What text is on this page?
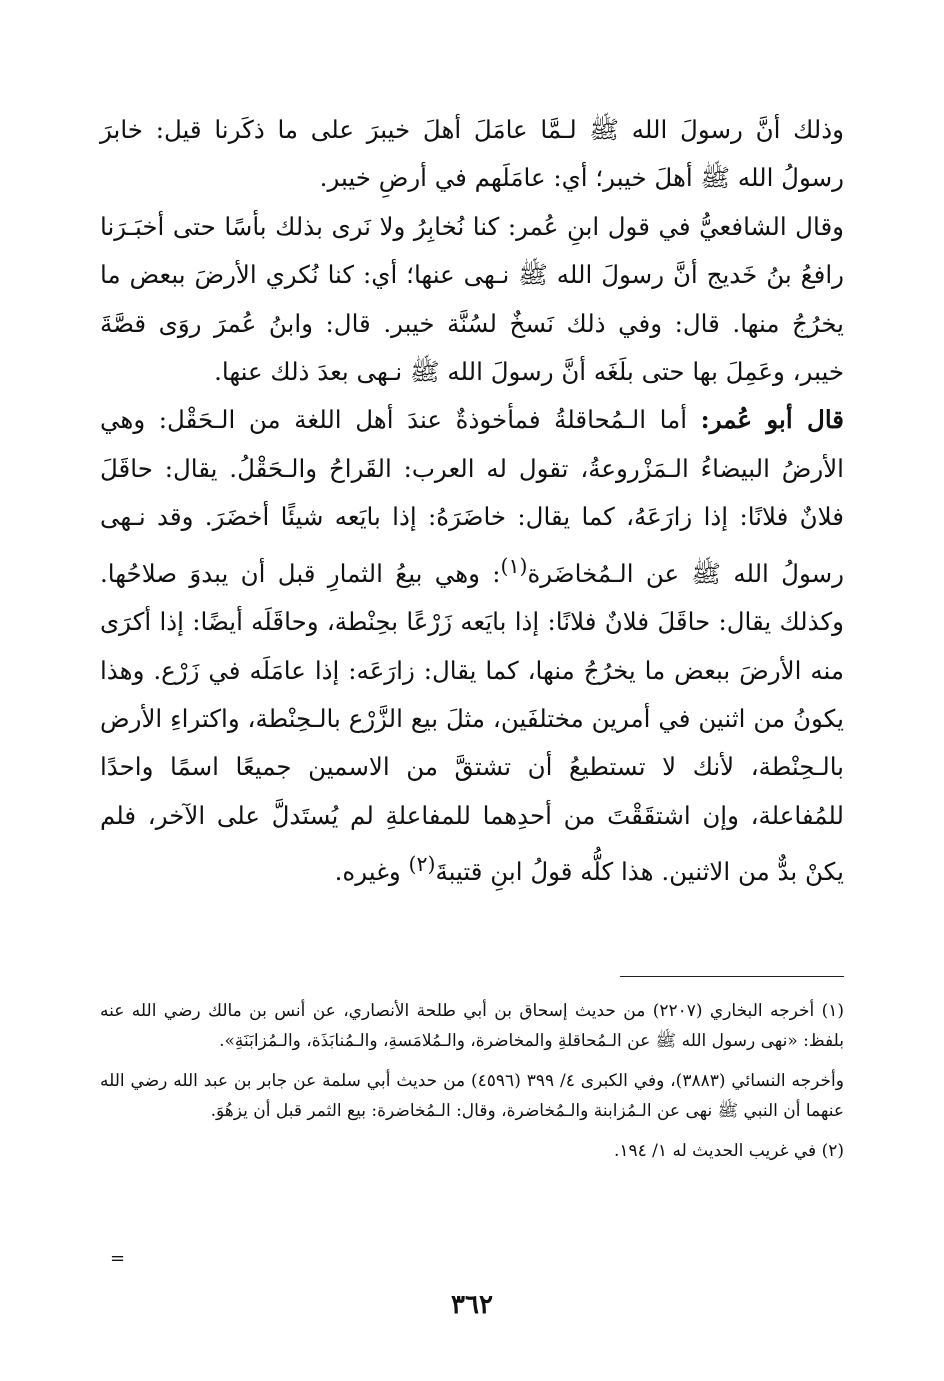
وذلك أنَّ رسولَ الله ﷺ لـمَّا عامَلَ أهلَ خيبرَ على ما ذكَرنا قيل: خابرَ رسولُ الله ﷺ أهلَ خيبر؛ أي: عامَلَهم في أرضِ خيبر.

وقال الشافعيُّ في قول ابنِ عُمر: كنا نُخابِرُ ولا نَرى بذلك بأسًا حتى أخبَـرَنا رافعُ بنُ خَديج أنَّ رسولَ الله ﷺ نـهى عنها؛ أي: كنا نُكري الأرضَ ببعض ما يخرُجُ منها. قال: وفي ذلك نَسخٌ لسُنَّة خيبر. قال: وابنُ عُمرَ روَى قصَّةَ خيبر، وعَمِلَ بها حتى بلَغَه أنَّ رسولَ الله ﷺ نـهى بعدَ ذلك عنها.

قال أبو عُمر: أما الـمُحاقلةُ فمأخوذةٌ عندَ أهل اللغة من الـحَقْل: وهي الأرضُ البيضاءُ الـمَزْروعةُ، تقول له العرب: القَراحُ والـحَقْلُ. يقال: حاقَلَ فلانٌ فلانًا: إذا زارَعَهُ، كما يقال: خاضَرَهُ: إذا بايَعه شيئًا أخضَرَ. وقد نـهى رسولُ الله ﷺ عن الـمُخاضَرة$^{(١)}$: وهي بيعُ الثمارِ قبل أن يبدوَ صلاحُها. وكذلك يقال: حاقَلَ فلانٌ فلانًا: إذا بايَعه زَرْعًا بحِنْطة، وحاقَلَه أيضًا: إذا أكرَى منه الأرضَ ببعض ما يخرُجُ منها، كما يقال: زارَعَه: إذا عامَلَه في زَرْع. وهذا يكونُ من اثنين في أمرين مختلفَين، مثلَ بيع الزَّرْع بالـحِنْطة، واكتراءِ الأرض بالـحِنْطة، لأنك لا تستطيعُ أن تشتقَّ من الاسمين جميعًا اسمًا واحدًا للمُفاعلة، وإن اشتقَقْتَ من أحدِهما للمفاعلةِ لم يُستَدلَّ على الآخر، فلم يكنْ بدٌّ من الاثنين. هذا كلُّه قولُ ابنِ قتيبةَ$^{(٢)}$ وغيره.

(١) أخرجه البخاري (٢٢٠٧) من حديث إسحاق بن أبي طلحة الأنصاري، عن أنس بن مالك رضي الله عنه بلفظ: «نهى رسول الله ﷺ عن الـمُحاقلةِ والمخاضرة، والـمُلامَسةِ، والـمُنابَذَة، والـمُزابَنَةِ».

وأخرجه النسائي (٣٨٨٣)، وفي الكبرى ٤/ ٣٩٩ (٤٥٩٦) من حديث أبي سلمة عن جابر بن عبد الله رضي الله عنهما أن النبي ﷺ نهى عن الـمُزابنة والـمُخاضرة، وقال: الـمُخاضرة: بيع الثمر قبل أن يزهُوَ.

(٢) في غريب الحديث له ١/ ١٩٤.

=
٣٦٢
